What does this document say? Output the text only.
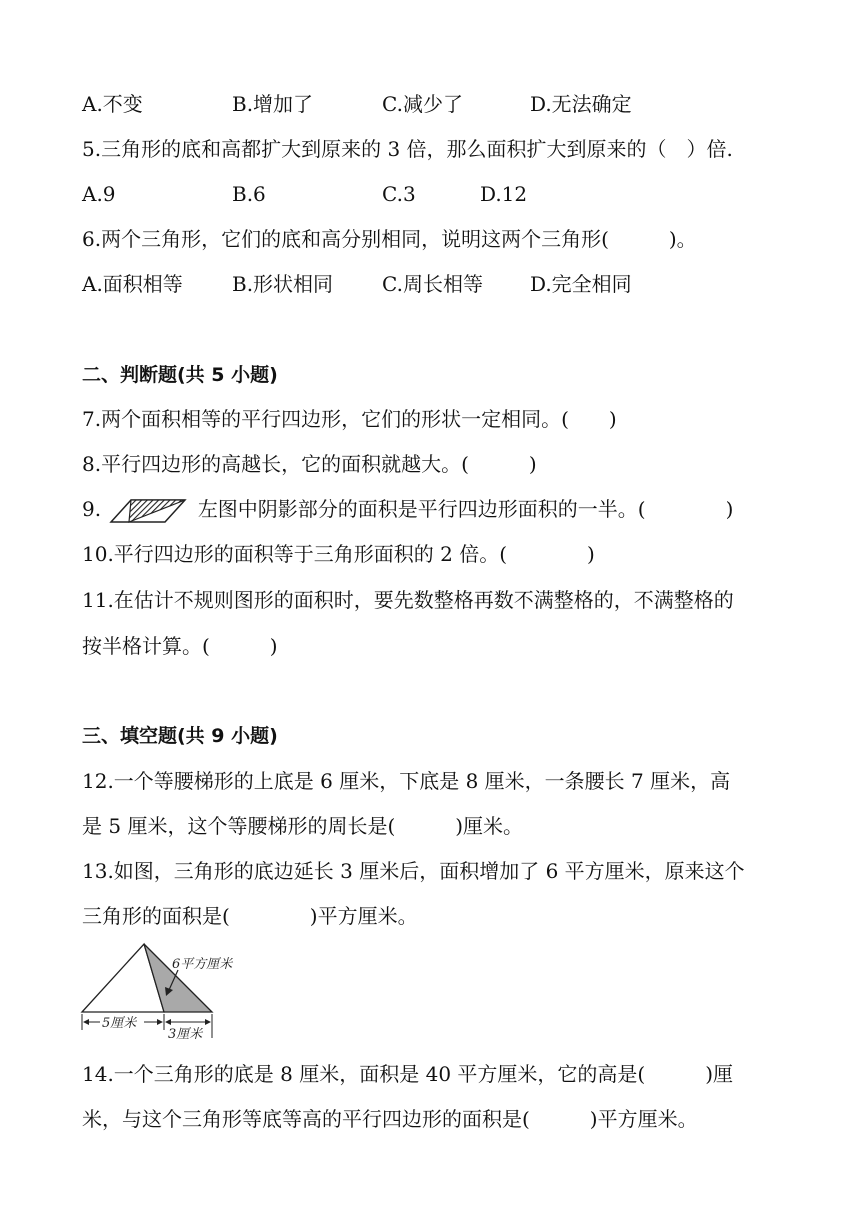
A.不变	B.增加了	C.减少了	D.无法确定
5.三角形的底和高都扩大到原来的 3 倍，那么面积扩大到原来的（　）倍.
A.9	B.6	C.3	D.12
6.两个三角形，它们的底和高分别相同，说明这两个三角形(　　　)。
A.面积相等 B.形状相同 C.周长相等 D.完全相同
二、判断题(共 5 小题)
7.两个面积相等的平行四边形，它们的形状一定相同。(　　)
8.平行四边形的高越长，它的面积就越大。(　　　)
9.	左图中阴影部分的面积是平行四边形面积的一半。(　　　　)
10.平行四边形的面积等于三角形面积的 2 倍。(　　　　)
11.在估计不规则图形的面积时，要先数整格再数不满整格的，不满整格的
按半格计算。(　　　)
三、填空题(共 9 小题)
12.一个等腰梯形的上底是 6 厘米，下底是 8 厘米，一条腰长 7 厘米，高
是 5 厘米，这个等腰梯形的周长是(　　　)厘米。
13.如图，三角形的底边延长 3 厘米后，面积增加了 6 平方厘米，原来这个
三角形的面积是(　　　　)平方厘米。
6平方厘米
5厘米
3厘米
14.一个三角形的底是 8 厘米，面积是 40 平方厘米，它的高是(　　　)厘
米，与这个三角形等底等高的平行四边形的面积是(　　　)平方厘米。
